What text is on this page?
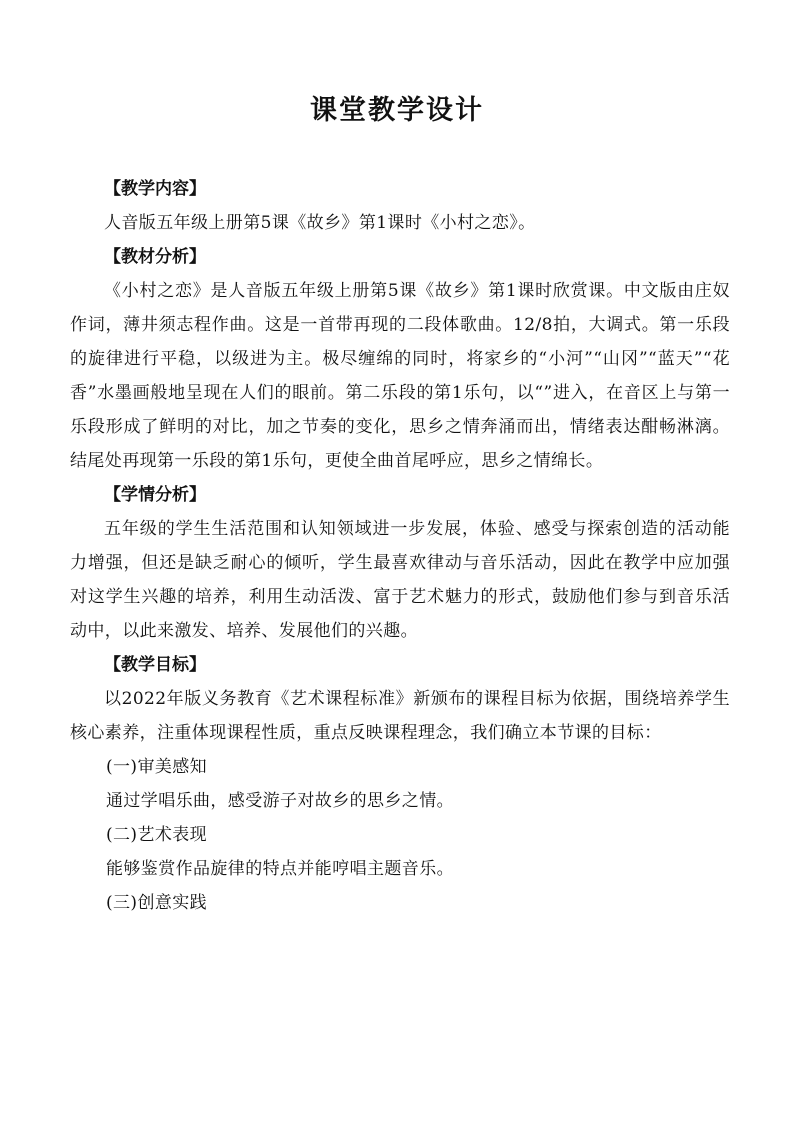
课堂教学设计

【教学内容】

人音版五年级上册第5课《故乡》第1课时《小村之恋》。

【教材分析】

《小村之恋》是人音版五年级上册第5课《故乡》第1课时欣赏课。中文版由庄奴作词，薄井须志程作曲。这是一首带再现的二段体歌曲。12/8拍，大调式。第一乐段的旋律进行平稳，以级进为主。极尽缠绵的同时，将家乡的“小河”“山冈”“蓝天”“花香”水墨画般地呈现在人们的眼前。第二乐段的第1乐句，以“”进入，在音区上与第一乐段形成了鲜明的对比，加之节奏的变化，思乡之情奔涌而出，情绪表达酣畅淋漓。结尾处再现第一乐段的第1乐句，更使全曲首尾呼应，思乡之情绵长。

【学情分析】

五年级的学生生活范围和认知领域进一步发展，体验、感受与探索创造的活动能力增强，但还是缺乏耐心的倾听，学生最喜欢律动与音乐活动，因此在教学中应加强对这学生兴趣的培养，利用生动活泼、富于艺术魅力的形式，鼓励他们参与到音乐活动中，以此来激发、培养、发展他们的兴趣。

【教学目标】

以2022年版义务教育《艺术课程标准》新颁布的课程目标为依据，围绕培养学生核心素养，注重体现课程性质，重点反映课程理念，我们确立本节课的目标：

(一)审美感知

通过学唱乐曲，感受游子对故乡的思乡之情。

(二)艺术表现

能够鉴赏作品旋律的特点并能哼唱主题音乐。

(三)创意实践
